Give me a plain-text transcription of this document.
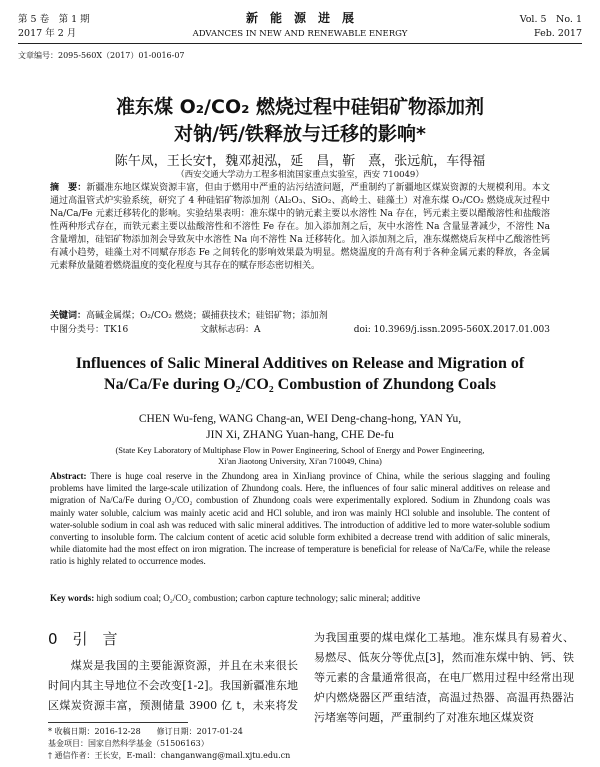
第 5 卷　第 1 期
2017 年 2 月
新　能　源　进　展
ADVANCES IN NEW AND RENEWABLE ENERGY
Vol. 5　No. 1
Feb. 2017
文章编号：2095-560X（2017）01-0016-07
准东煤 O₂/CO₂ 燃烧过程中硅铝矿物添加剂
对钠/钙/铁释放与迁移的影响*
陈午凤，王长安†，魏邓昶泓，延　昌，靳　熹，张远航，车得福
（西安交通大学动力工程多相流国家重点实验室，西安 710049）
摘　要：新疆准东地区煤炭资源丰富，但由于燃用中严重的沾污结渣问题，严重制约了新疆地区煤炭资源的大规模利用。本文通过高温管式炉实验系统，研究了 4 种硅铝矿物添加剂（Al₂O₃、SiO₂、高岭土、硅藻土）对准东煤 O₂/CO₂ 燃烧成灰过程中 Na/Ca/Fe 元素迁移转化的影响。实验结果表明：准东煤中的钠元素主要以水溶性 Na 存在，钙元素主要以醋酸溶性和盐酸溶性两种形式存在，而铁元素主要以盐酸溶性和不溶性 Fe 存在。加入添加剂之后，灰中水溶性 Na 含量显著减少，不溶性 Na 含量增加，硅铝矿物添加剂会导致灰中水溶性 Na 向不溶性 Na 迁移转化。加入添加剂之后，准东煤燃烧后灰样中乙酸溶性钙有减小趋势，硅藻土对不同赋存形态 Fe 之间转化的影响效果最为明显。燃烧温度的升高有利于各种金属元素的释放，各金属元素释放量随着燃烧温度的变化程度与其存在的赋存形态密切相关。
关键词：高碱金属煤；O₂/CO₂ 燃烧；碳捕获技术；硅铝矿物；添加剂
中图分类号：TK16	文献标志码：A	doi: 10.3969/j.issn.2095-560X.2017.01.003
Influences of Salic Mineral Additives on Release and Migration of
Na/Ca/Fe during O₂/CO₂ Combustion of Zhundong Coals
CHEN Wu-feng, WANG Chang-an, WEI Deng-chang-hong, YAN Yu,
JIN Xi, ZHANG Yuan-hang, CHE De-fu
(State Key Laboratory of Multiphase Flow in Power Engineering, School of Energy and Power Engineering,
Xi'an Jiaotong University, Xi'an 710049, China)
Abstract: There is huge coal reserve in the Zhundong area in XinJiang province of China, while the serious slagging and fouling problems have limited the large-scale utilization of Zhundong coals. Here, the influences of four salic mineral additives on release and migration of Na/Ca/Fe during O₂/CO₂ combustion of Zhundong coals were experimentally explored. Sodium in Zhundong coals was mainly water soluble, calcium was mainly acetic acid and HCl soluble, and iron was mainly HCl soluble and insoluble. The content of water-soluble sodium in coal ash was reduced with salic mineral additives. The introduction of additive led to more water-soluble sodium converting to insoluble form. The calcium content of acetic acid soluble form exhibited a decrease trend with addition of salic minerals, while diatomite had the most effect on iron migration. The increase of temperature is beneficial for release of Na/Ca/Fe, while the release ratio is highly related to occurrence modes.
Key words: high sodium coal; O₂/CO₂ combustion; carbon capture technology; salic mineral; additive
0　引　言
　　煤炭是我国的主要能源资源，并且在未来很长时间内其主导地位不会改变[1-2]。我国新疆准东地区煤炭资源丰富，预测储量 3900 亿 t，未来将发
为我国重要的煤电煤化工基地。准东煤具有易着火、易燃尽、低灰分等优点[3]，然而准东煤中钠、钙、铁等元素的含量通常很高，在电厂燃用过程中经常出现炉内燃烧器区严重结渣，高温过热器、高温再热器沾污堵塞等问题，严重制约了对准东地区煤炭资
* 收稿日期：2016-12-28　　修订日期：2017-01-24
基金项目：国家自然科学基金（51506163）
† 通信作者：王长安，E-mail：changanwang@mail.xjtu.edu.cn
